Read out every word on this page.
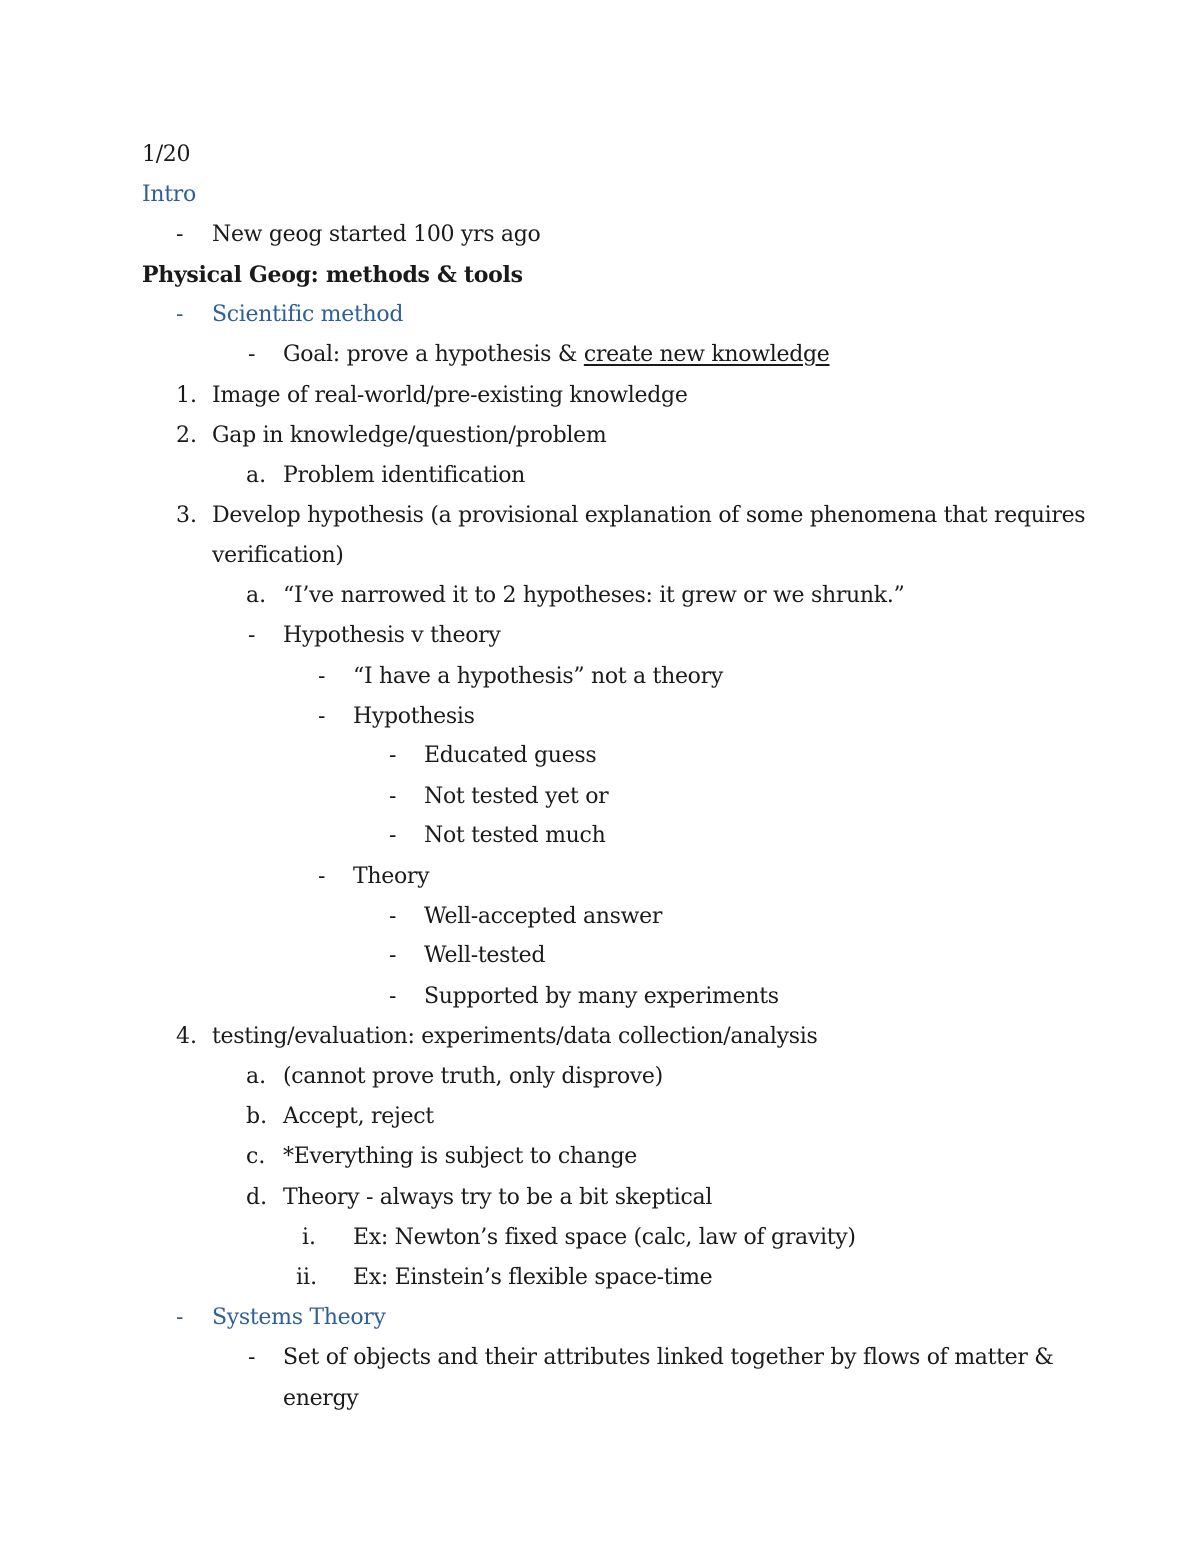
1/20
Intro
- New geog started 100 yrs ago
Physical Geog: methods & tools
- Scientific method
- Goal: prove a hypothesis & create new knowledge
1. Image of real-world/pre-existing knowledge
2. Gap in knowledge/question/problem
a. Problem identification
3. Develop hypothesis (a provisional explanation of some phenomena that requires
verification)
a. “I’ve narrowed it to 2 hypotheses: it grew or we shrunk.”
- Hypothesis v theory
- “I have a hypothesis” not a theory
- Hypothesis
- Educated guess
- Not tested yet or
- Not tested much
- Theory
- Well-accepted answer
- Well-tested
- Supported by many experiments
4. testing/evaluation: experiments/data collection/analysis
a. (cannot prove truth, only disprove)
b. Accept, reject
c. *Everything is subject to change
d. Theory - always try to be a bit skeptical
i. Ex: Newton’s fixed space (calc, law of gravity)
ii. Ex: Einstein’s flexible space-time
- Systems Theory
- Set of objects and their attributes linked together by flows of matter &
energy
